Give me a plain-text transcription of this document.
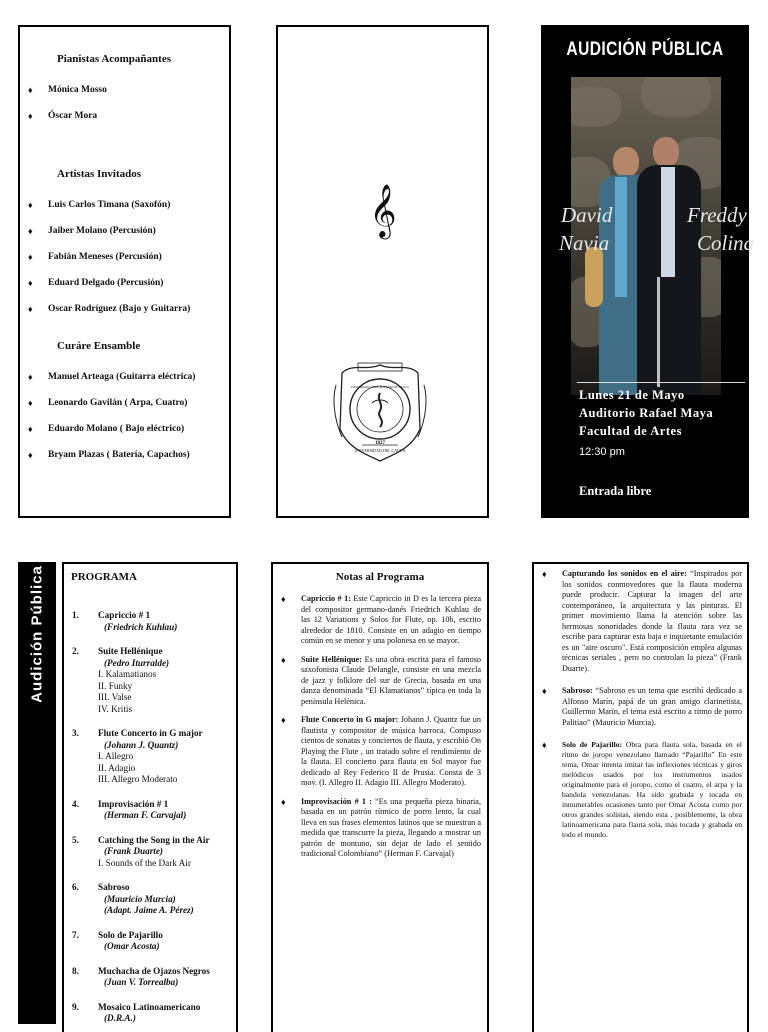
Pianistas Acompañantes
♦ Mónica Mosso
♦ Óscar Mora
Artistas Invitados
♦ Luis Carlos Timana (Saxofón)
♦ Jaiber Molano (Percusión)
♦ Fabián Meneses (Percusión)
♦ Eduard Delgado (Percusión)
♦ Oscar Rodríguez (Bajo y Guitarra)
Curáre Ensamble
♦ Manuel Arteaga (Guitarra eléctrica)
♦ Leonardo Gavilán ( Arpa, Cuatro)
♦ Eduardo Molano ( Bajo eléctrico)
♦ Bryam Plazas ( Batería, Capachos)
𝄞
1827
UNIVERSIDAD DEL CAUCA
POSTGRADO-LIBRE ROSARIO DE CAUCA
AUDICIÓN PÚBLICA
David
Navia
Freddy
Colina
Lunes 21 de Mayo
Auditorio Rafael Maya
Facultad de Artes
12:30 pm
Entrada libre
Audición Pública PROGRAMA
1. Capriccio # 1
(Friedrich Kuhlau)
2. Suite Hellénique
(Pedro Iturralde)
I. Kalamatianos
II. Funky
III. Valse
IV. Kritis
3. Flute Concerto in G major
(Johann J. Quantz)
I. Allegro
II. Adagio
III. Allegro Moderato
4. Improvisación # 1
(Herman F. Carvajal)
5. Catching the Song in the Air
(Frank Duarte)
I. Sounds of the Dark Air
6. Sabroso
(Mauricio Murcia)
(Adapt. Jaime A. Pérez)
7. Solo de Pajarillo
(Omar Acosta)
8. Muchacha de Ojazos Negros
(Juan V. Torrealba)
9. Mosaico Latinoamericano
(D.R.A.)
Notas al Programa
♦ Capriccio # 1: Este Capriccio in D es la tercera pieza del compositor germano-danés Friedrich Kuhlau de las 12 Variations y Solos for Flute, op. 10b, escrito alrededor de 1810. Consiste en un adagio en tiempo común en se menor y una polonesa en se mayor.
♦ Suite Hellénique: Es una obra escrita para el famoso saxofonista Claude Delangle, consiste en una mezcla de jazz y folklore del sur de Grecia, basada en una danza denominada “El Klamatianos” típica en toda la península Helénica.
♦ Flute Concerto in G major: Johann J. Quantz fue un flautista y compositor de música barroca. Compuso cientos de sonatas y conciertos de flauta, y escribió On Playing the Flute , un tratado sobre el rendimiento de la flauta. El concierto para flauta en Sol mayor fue dedicado al Rey Federico II de Prusia. Consta de 3 mov. (I. Allegro II. Adagio III. Allegro Moderato).
♦ Improvisación # 1 : “Es una pequeña pieza binaria, basada en un patrón rítmico de porro lento, la cual lleva en sus frases elementos latinos que se muestran a medida que transcurre la pieza, llegando a mostrar un patrón de montuno, sin dejar de lado el sentido tradicional Colombiano” (Herman F. Carvajal)
♦ Capturando los sonidos en el aire: “Inspirados por los sonidos conmovedores que la flauta moderna puede producir. Capturar la imagen del arte contemporáneo, la arquitectura y las pinturas. El primer movimiento llama la atención sobre las hermosas sonoridades donde la flauta rara vez se escribe para capturar esta baja e inquietante emulación es un "aire oscuro". Está composición emplea algunas técnicas seriales , pero no controlan la pieza” (Frank Duarte).
♦ Sabroso: “Sabroso es un tema que escribí dedicado a Alfonso Marín, papá de un gran amigo clarinetista, Guillermo Marín, el tema está escrito a ritmo de porro Palitiao” (Mauricio Murcia).
♦ Solo de Pajarillo: Obra para flauta sola, basada en el ritmo de joropo venezolano llamado “Pajarillo” En este tema, Omar intenta imitar las inflexiones técnicas y giros melódicos usados por los instrumentos usados originalmente para el joropo, como el cuatro, el arpa y la bandola venezolanas. Ha sido grabada y tocada en innumerables ocasiones tanto por Omar Acosta como por otros grandes solistas, siendo esta , posiblemente, la obra latinoamericana para flauta sola, más tocada y grabada en todo el mundo.
